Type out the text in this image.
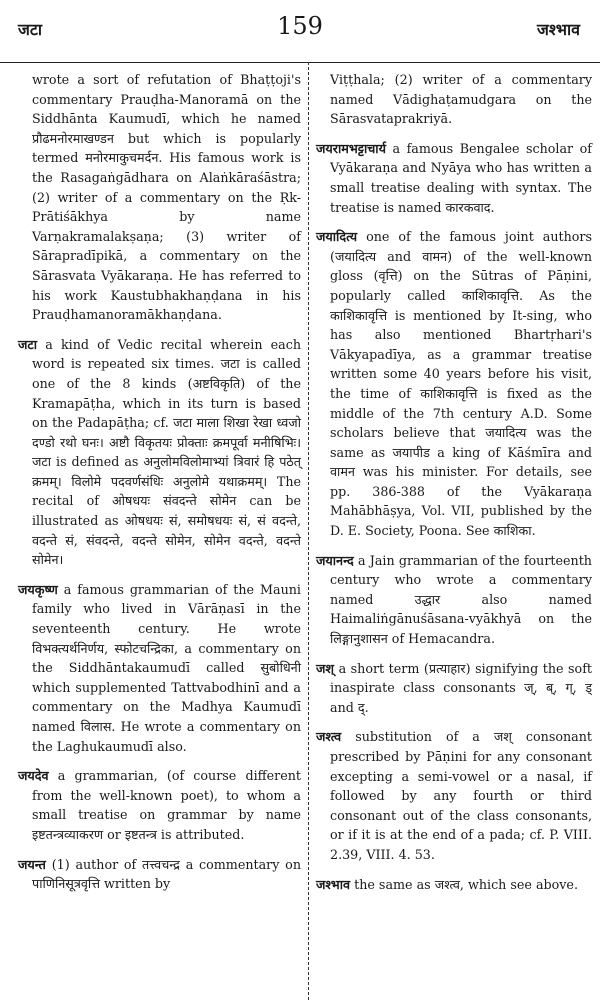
जटा	159	जश्भाव

wrote a sort of refutation of Bhaṭṭoji's commentary Prauḍha-Manoramā on the Siddhānta Kaumudī, which he named प्रौढमनोरमाखण्डन but which is popularly termed मनोरमाकुचमर्दन. His famous work is the Rasagaṅgādhara on Alaṅkāraśāstra; (2) writer of a commentary on the Ṛk-Prātiśākhya by name Varṇakramalakṣaṇa; (3) writer of Sārapradīpikā, a commentary on the Sārasvata Vyākaraṇa. He has referred to his work Kaustubhakhaṇḍana in his Prauḍhamanoramākhaṇḍana.

जटा a kind of Vedic recital wherein each word is repeated six times. जटा is called one of the 8 kinds (अष्टविकृति) of the Kramapāṭha, which in its turn is based on the Padapāṭha; cf. जटा माला शिखा रेखा ध्वजो दण्डो रथो घनः। अष्टौ विकृतयः प्रोक्ताः क्रमपूर्वा मनीषिभिः। जटा is defined as अनुलोमविलोमाभ्यां त्रिवारं हि पठेत् क्रमम्। विलोमे पदवर्णसंधिः अनुलोमे यथाक्रमम्। The recital of ओषधयः संवदन्ते सोमेन can be illustrated as ओषधयः सं, समोषधयः सं, सं वदन्ते, वदन्ते सं, संवदन्ते, वदन्ते सोमेन, सोमेन वदन्ते, वदन्ते सोमेन।

जयकृष्ण a famous grammarian of the Mauni family who lived in Vārāṇasī in the seventeenth century. He wrote विभक्त्यर्थनिर्णय, स्फोटचन्द्रिका, a commentary on the Siddhāntakaumudī called सुबोधिनी which supplemented Tattvabodhinī and a commentary on the Madhya Kaumudī named विलास. He wrote a commentary on the Laghukaumudī also.

जयदेव a grammarian, (of course different from the well-known poet), to whom a small treatise on grammar by name इष्टतन्त्रव्याकरण or इष्टतन्त्र is attributed.

जयन्त (1) author of तत्त्वचन्द्र a commentary on पाणिनिसूत्रवृत्ति written by

Viṭṭhala; (2) writer of a commentary named Vādighaṭamudgara on the Sārasvataprakriyā.

जयरामभट्टाचार्य a famous Bengalee scholar of Vyākaraṇa and Nyāya who has written a small treatise dealing with syntax. The treatise is named कारकवाद.

जयादित्य one of the famous joint authors (जयादित्य and वामन) of the well-known gloss (वृत्ति) on the Sūtras of Pāṇini, popularly called काशिकावृत्ति. As the काशिकावृत्ति is mentioned by It-sing, who has also mentioned Bhartṛhari's Vākyapadīya, as a grammar treatise written some 40 years before his visit, the time of काशिकावृत्ति is fixed as the middle of the 7th century A.D. Some scholars believe that जयादित्य was the same as जयापीड a king of Kāśmīra and वामन was his minister. For details, see pp. 386-388 of the Vyākaraṇa Mahābhāṣya, Vol. VII, published by the D. E. Society, Poona. See काशिका.

जयानन्द a Jain grammarian of the fourteenth century who wrote a commentary named उद्धार also named Haimaliṅgānuśāsana-vyākhyā on the लिङ्गानुशासन of Hemacandra.

जश् a short term (प्रत्याहार) signifying the soft inaspirate class consonants ज्, ब्, ग्, ड् and द्.

जश्त्व substitution of a जश् consonant prescribed by Pāṇini for any consonant excepting a semi-vowel or a nasal, if followed by any fourth or third consonant out of the class consonants, or if it is at the end of a pada; cf. P. VIII. 2.39, VIII. 4. 53.

जश्भाव the same as जश्त्व, which see above.
